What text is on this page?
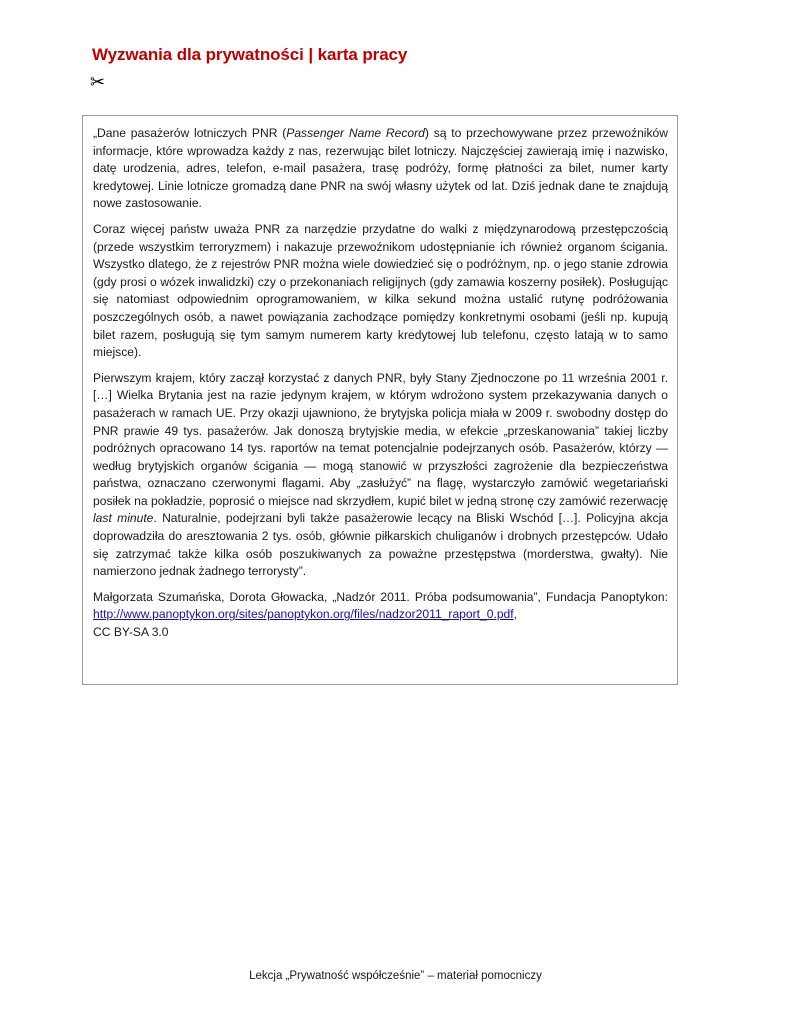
Wyzwania dla prywatności | karta pracy
✂

„Dane pasażerów lotniczych PNR (Passenger Name Record) są to przechowywane przez przewoźników informacje, które wprowadza każdy z nas, rezerwując bilet lotniczy. Najczęściej zawierają imię i nazwisko, datę urodzenia, adres, telefon, e-mail pasażera, trasę podróży, formę płatności za bilet, numer karty kredytowej. Linie lotnicze gromadzą dane PNR na swój własny użytek od lat. Dziś jednak dane te znajdują nowe zastosowanie.

Coraz więcej państw uważa PNR za narzędzie przydatne do walki z międzynarodową przestępczością (przede wszystkim terroryzmem) i nakazuje przewoźnikom udostępnianie ich również organom ścigania. Wszystko dlatego, że z rejestrów PNR można wiele dowiedzieć się o podróżnym, np. o jego stanie zdrowia (gdy prosi o wózek inwalidzki) czy o przekonaniach religijnych (gdy zamawia koszerny posiłek). Posługując się natomiast odpowiednim oprogramowaniem, w kilka sekund można ustalić rutynę podróżowania poszczególnych osób, a nawet powiązania zachodzące pomiędzy konkretnymi osobami (jeśli np. kupują bilet razem, posługują się tym samym numerem karty kredytowej lub telefonu, często latają w to samo miejsce).

Pierwszym krajem, który zaczął korzystać z danych PNR, były Stany Zjednoczone po 11 września 2001 r. […] Wielka Brytania jest na razie jedynym krajem, w którym wdrożono system przekazywania danych o pasażerach w ramach UE. Przy okazji ujawniono, że brytyjska policja miała w 2009 r. swobodny dostęp do PNR prawie 49 tys. pasażerów. Jak donoszą brytyjskie media, w efekcie „przeskanowania” takiej liczby podróżnych opracowano 14 tys. raportów na temat potencjalnie podejrzanych osób. Pasażerów, którzy — według brytyjskich organów ścigania — mogą stanowić w przyszłości zagrożenie dla bezpieczeństwa państwa, oznaczano czerwonymi flagami. Aby „zasłużyć” na flagę, wystarczyło zamówić wegetariański posiłek na pokładzie, poprosić o miejsce nad skrzydłem, kupić bilet w jedną stronę czy zamówić rezerwację last minute. Naturalnie, podejrzani byli także pasażerowie lecący na Bliski Wschód […]. Policyjna akcja doprowadziła do aresztowania 2 tys. osób, głównie piłkarskich chuliganów i drobnych przestępców. Udało się zatrzymać także kilka osób poszukiwanych za poważne przestępstwa (morderstwa, gwałty). Nie namierzono jednak żadnego terrorysty”.

Małgorzata Szumańska, Dorota Głowacka, „Nadzór 2011. Próba podsumowania”, Fundacja Panoptykon: http://www.panoptykon.org/sites/panoptykon.org/files/nadzor2011_raport_0.pdf,
CC BY-SA 3.0

Lekcja „Prywatność współcześnie” – materiał pomocniczy
